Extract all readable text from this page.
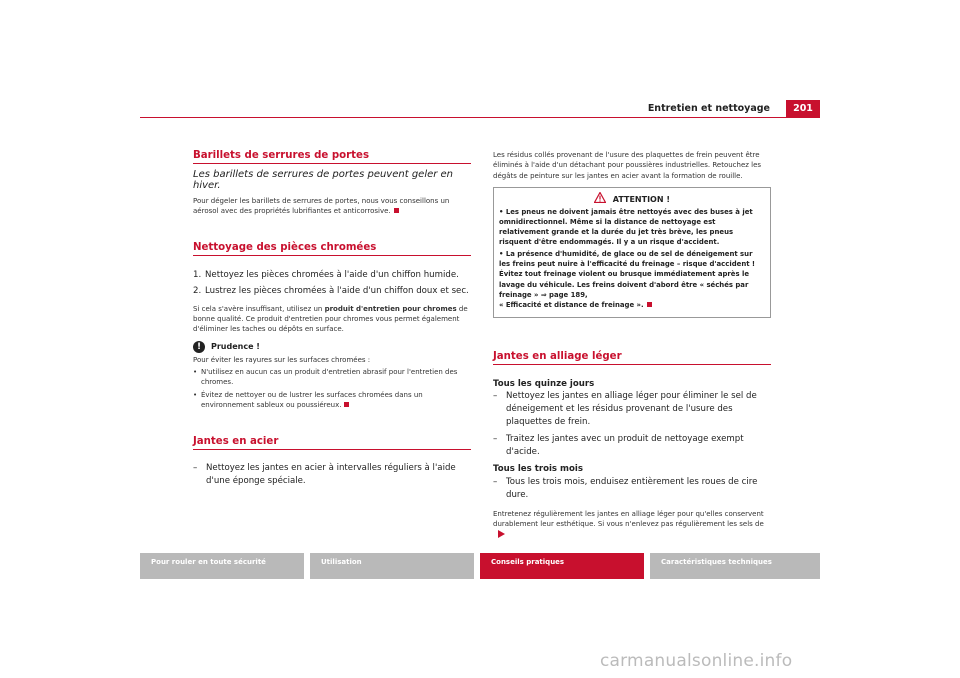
Entretien et nettoyage	201
Barillets de serrures de portes
Les barillets de serrures de portes peuvent geler en hiver.

Pour dégeler les barillets de serrures de portes, nous vous conseillons un aérosol avec des propriétés lubrifiantes et anticorrosive.

Nettoyage des pièces chromées
1. Nettoyez les pièces chromées à l'aide d'un chiffon humide.
2. Lustrez les pièces chromées à l'aide d'un chiffon doux et sec.

Si cela s'avère insuffisant, utilisez un produit d'entretien pour chromes de bonne qualité. Ce produit d'entretien pour chromes vous permet également d'éliminer les taches ou dépôts en surface.

!	Prudence !

Pour éviter les rayures sur les surfaces chromées :

• N'utilisez en aucun cas un produit d'entretien abrasif pour l'entretien des chromes.
• Évitez de nettoyer ou de lustrer les surfaces chromées dans un environnement sableux ou poussiéreux.
Jantes en acier
–	Nettoyez les jantes en acier à intervalles réguliers à l'aide d'une éponge spéciale.

Les résidus collés provenant de l'usure des plaquettes de frein peuvent être éliminés à l'aide d'un détachant pour poussières industrielles. Retouchez les dégâts de peinture sur les jantes en acier avant la formation de rouille.

ATTENTION !

• Les pneus ne doivent jamais être nettoyés avec des buses à jet omnidirectionnel. Même si la distance de nettoyage est relativement grande et la durée du jet très brève, les pneus risquent d'être endommagés. Il y a un risque d'accident.

• La présence d'humidité, de glace ou de sel de déneigement sur les freins peut nuire à l'efficacité du freinage – risque d'accident ! Évitez tout freinage violent ou brusque immédiatement après le lavage du véhicule. Les freins doivent d'abord être « séchés par freinage » ⇒ page 189,
« Efficacité et distance de freinage ».

Jantes en alliage léger

Tous les quinze jours

–	Nettoyez les jantes en alliage léger pour éliminer le sel de déneigement et les résidus provenant de l'usure des plaquettes de frein.
–	Traitez les jantes avec un produit de nettoyage exempt d'acide.

Tous les trois mois

–	Tous les trois mois, enduisez entièrement les roues de cire dure.

Entretenez régulièrement les jantes en alliage léger pour qu'elles conservent durablement leur esthétique. Si vous n'enlevez pas régulièrement les sels de

Pour rouler en toute sécurité	Utilisation	Conseils pratiques	Caractéristiques techniques
carmanualsonline.info
